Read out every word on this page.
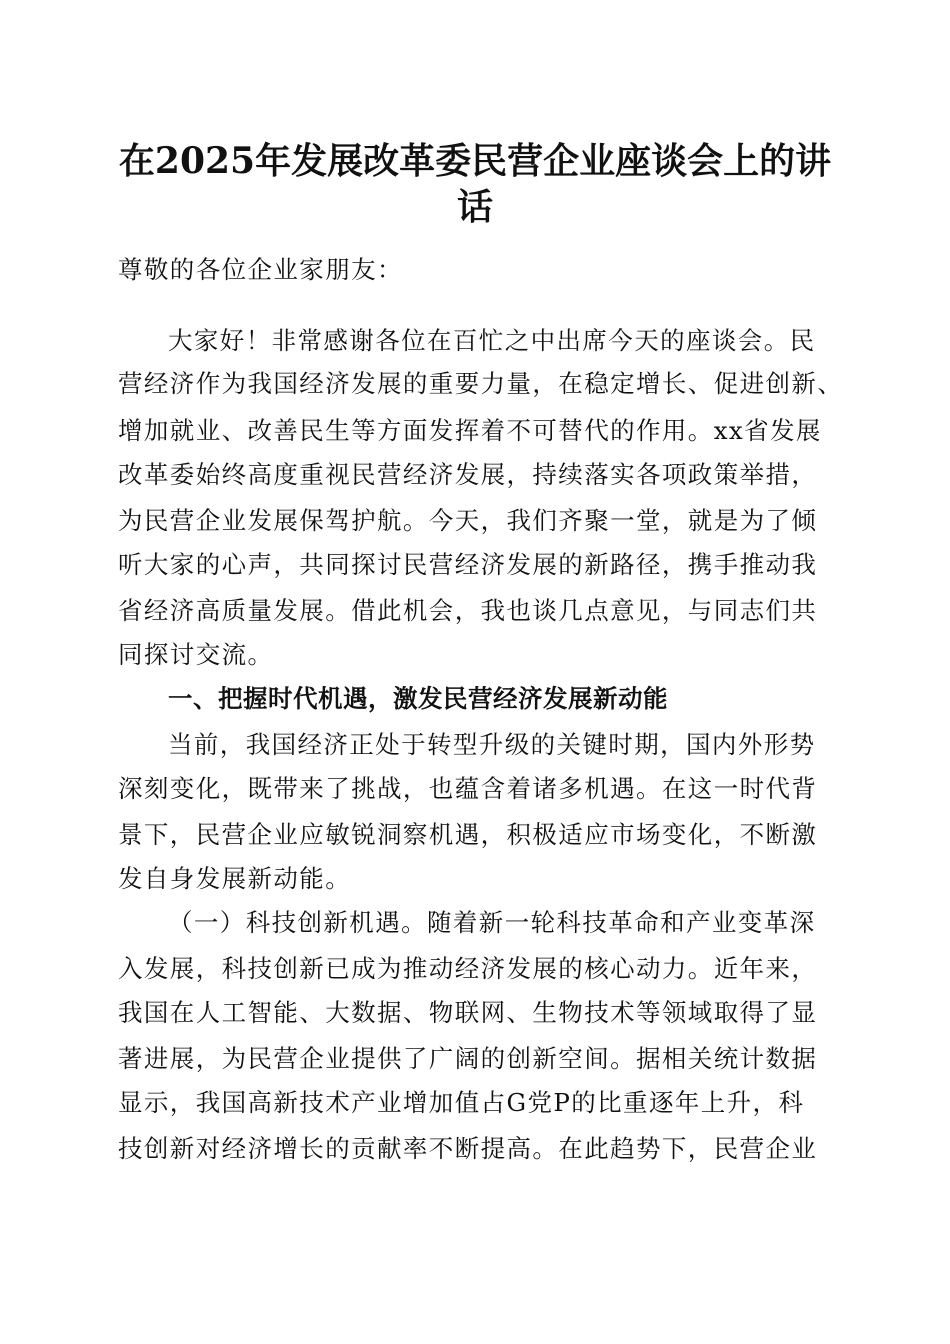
在2025年发展改革委民营企业座谈会上的讲
话
尊敬的各位企业家朋友：
大家好！非常感谢各位在百忙之中出席今天的座谈会。民
营经济作为我国经济发展的重要力量，在稳定增长、促进创新、
增加就业、改善民生等方面发挥着不可替代的作用。xx省发展
改革委始终高度重视民营经济发展，持续落实各项政策举措，
为民营企业发展保驾护航。今天，我们齐聚一堂，就是为了倾
听大家的心声，共同探讨民营经济发展的新路径，携手推动我
省经济高质量发展。借此机会，我也谈几点意见，与同志们共
同探讨交流。
一、把握时代机遇，激发民营经济发展新动能
当前，我国经济正处于转型升级的关键时期，国内外形势
深刻变化，既带来了挑战，也蕴含着诸多机遇。在这一时代背
景下，民营企业应敏锐洞察机遇，积极适应市场变化，不断激
发自身发展新动能。
（一）科技创新机遇。随着新一轮科技革命和产业变革深
入发展，科技创新已成为推动经济发展的核心动力。近年来，
我国在人工智能、大数据、物联网、生物技术等领域取得了显
著进展，为民营企业提供了广阔的创新空间。据相关统计数据
显示，我国高新技术产业增加值占G党P的比重逐年上升，科
技创新对经济增长的贡献率不断提高。在此趋势下，民营企业
